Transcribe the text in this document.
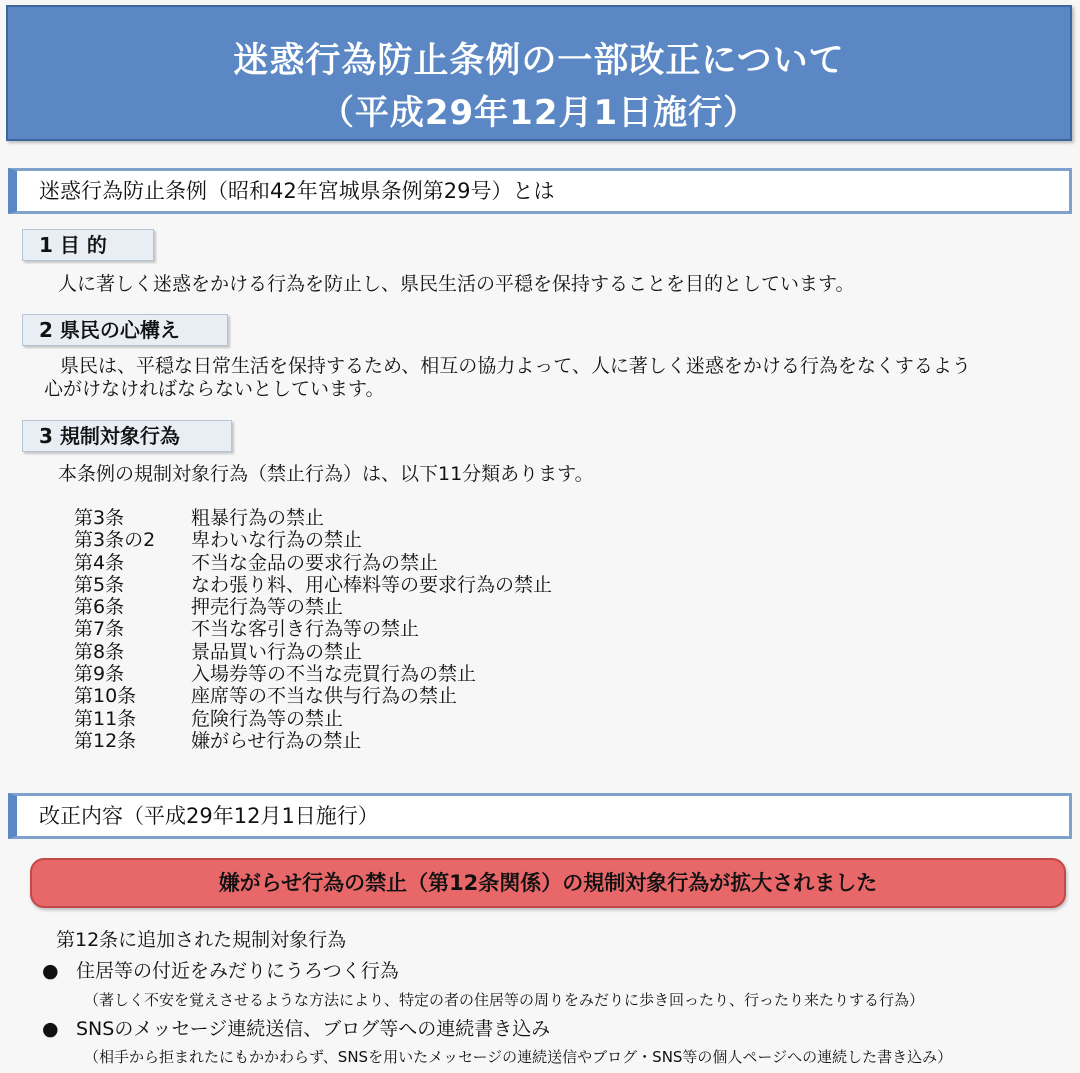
迷惑行為防止条例の一部改正について
（平成29年12月1日施行）
迷惑行為防止条例（昭和42年宮城県条例第29号）とは
1 目 的
人に著しく迷惑をかける行為を防止し、県民生活の平穏を保持することを目的としています。
2 県民の心構え
県民は、平穏な日常生活を保持するため、相互の協力よって、人に著しく迷惑をかける行為をなくするよう
心がけなければならないとしています。
3 規制対象行為
本条例の規制対象行為（禁止行為）は、以下11分類あります。
第3条	粗暴行為の禁止
第3条の2 卑わいな行為の禁止
第4条	不当な金品の要求行為の禁止
第5条	なわ張り料、用心棒料等の要求行為の禁止
第6条	押売行為等の禁止
第7条	不当な客引き行為等の禁止
第8条	景品買い行為の禁止
第9条	入場券等の不当な売買行為の禁止
第10条	座席等の不当な供与行為の禁止
第11条	危険行為等の禁止
第12条	嫌がらせ行為の禁止
改正内容（平成29年12月1日施行）
嫌がらせ行為の禁止（第12条関係）の規制対象行為が拡大されました
第12条に追加された規制対象行為
● 住居等の付近をみだりにうろつく行為
（著しく不安を覚えさせるような方法により、特定の者の住居等の周りをみだりに歩き回ったり、行ったり来たりする行為）
● SNSのメッセージ連続送信、ブログ等への連続書き込み
（相手から拒まれたにもかかわらず、SNSを用いたメッセージの連続送信やブログ・SNS等の個人ページへの連続した書き込み）
